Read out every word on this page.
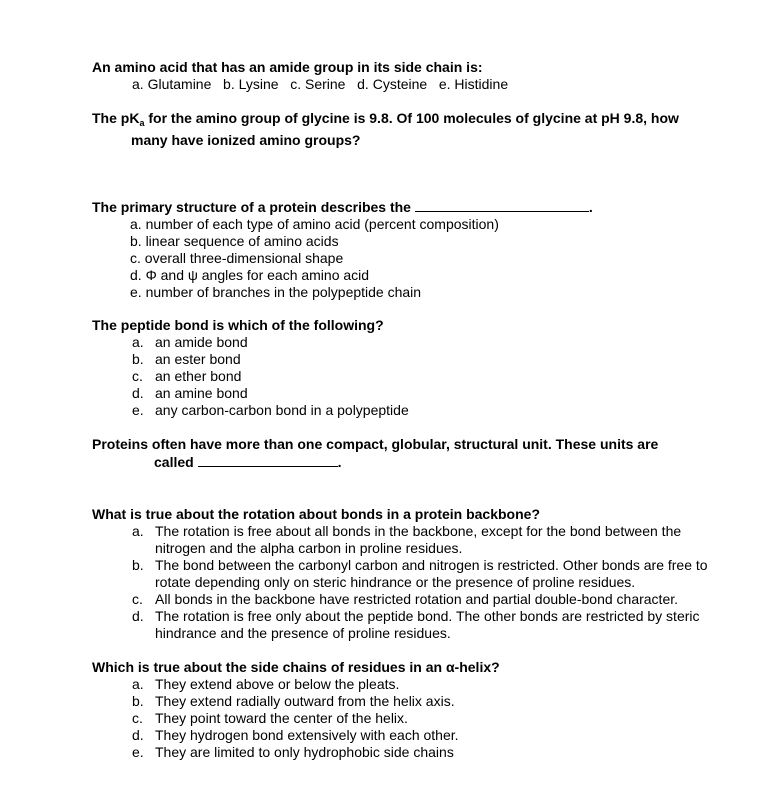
An amino acid that has an amide group in its side chain is:

a. Glutamine   b. Lysine   c. Serine   d. Cysteine   e. Histidine

The $pK_a$ for the amino group of glycine is 9.8. Of 100 molecules of glycine at pH 9.8, how
many have ionized amino groups?

The primary structure of a protein describes the	.

a. number of each type of amino acid (percent composition)
b. linear sequence of amino acids
c. overall three-dimensional shape
d. Φ and ψ angles for each amino acid
e. number of branches in the polypeptide chain

The peptide bond is which of the following?

a. an amide bond
b. an ester bond
c. an ether bond
d. an amine bond
e. any carbon-carbon bond in a polypeptide

Proteins often have more than one compact, globular, structural unit. These units are
called	.

What is true about the rotation about bonds in a protein backbone?

a. The rotation is free about all bonds in the backbone, except for the bond between the nitrogen and the alpha carbon in proline residues.
b. The bond between the carbonyl carbon and nitrogen is restricted. Other bonds are free to rotate depending only on steric hindrance or the presence of proline residues.
c. All bonds in the backbone have restricted rotation and partial double-bond character.
d. The rotation is free only about the peptide bond. The other bonds are restricted by steric hindrance and the presence of proline residues.

Which is true about the side chains of residues in an α-helix?

a. They extend above or below the pleats.
b. They extend radially outward from the helix axis.
c. They point toward the center of the helix.
d. They hydrogen bond extensively with each other.
e. They are limited to only hydrophobic side chains
